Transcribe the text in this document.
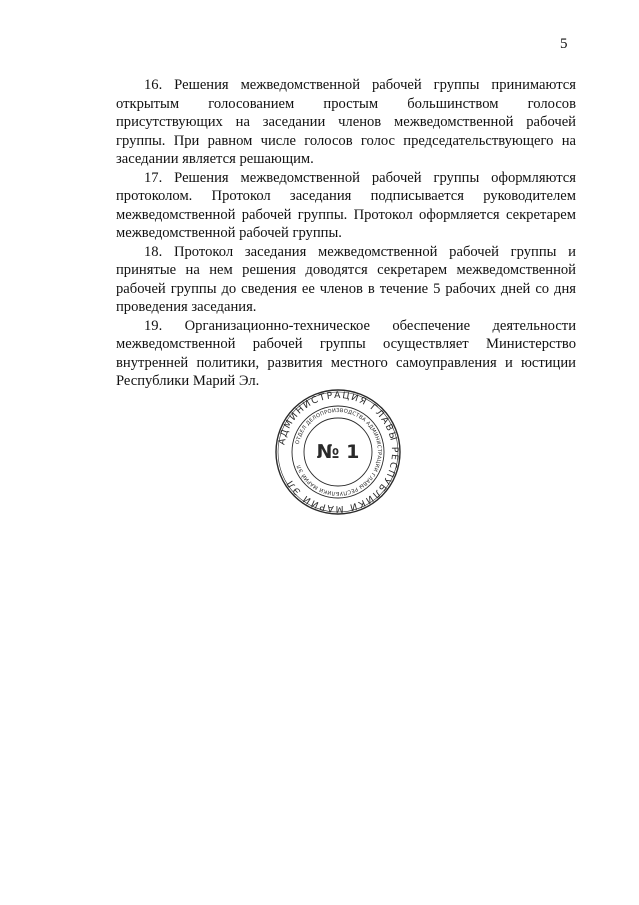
5

16. Решения межведомственной рабочей группы принимаются открытым голосованием простым большинством голосов присутствующих на заседании членов межведомственной рабочей группы. При равном числе голосов голос председательствующего на заседании является решающим.

17. Решения межведомственной рабочей группы оформляются протоколом. Протокол заседания подписывается руководителем межведомственной рабочей группы. Протокол оформляется секретарем межведомственной рабочей группы.

18. Протокол заседания межведомственной рабочей группы и принятые на нем решения доводятся секретарем межведомственной рабочей группы до сведения ее членов в течение 5 рабочих дней со дня проведения заседания.

19. Организационно-техническое обеспечение деятельности межведомственной рабочей группы осуществляет Министерство внутренней политики, развития местного самоуправления и юстиции Республики Марий Эл.

АДМИНИСТРАЦИЯ ГЛАВЫ РЕСПУБЛИКИ МАРИЙ ЭЛ
ОТДЕЛ ДЕЛОПРОИЗВОДСТВА АДМИНИСТРАЦИИ ГЛАВЫ РЕСПУБЛИКИ МАРИЙ ЭЛ
№ 1
